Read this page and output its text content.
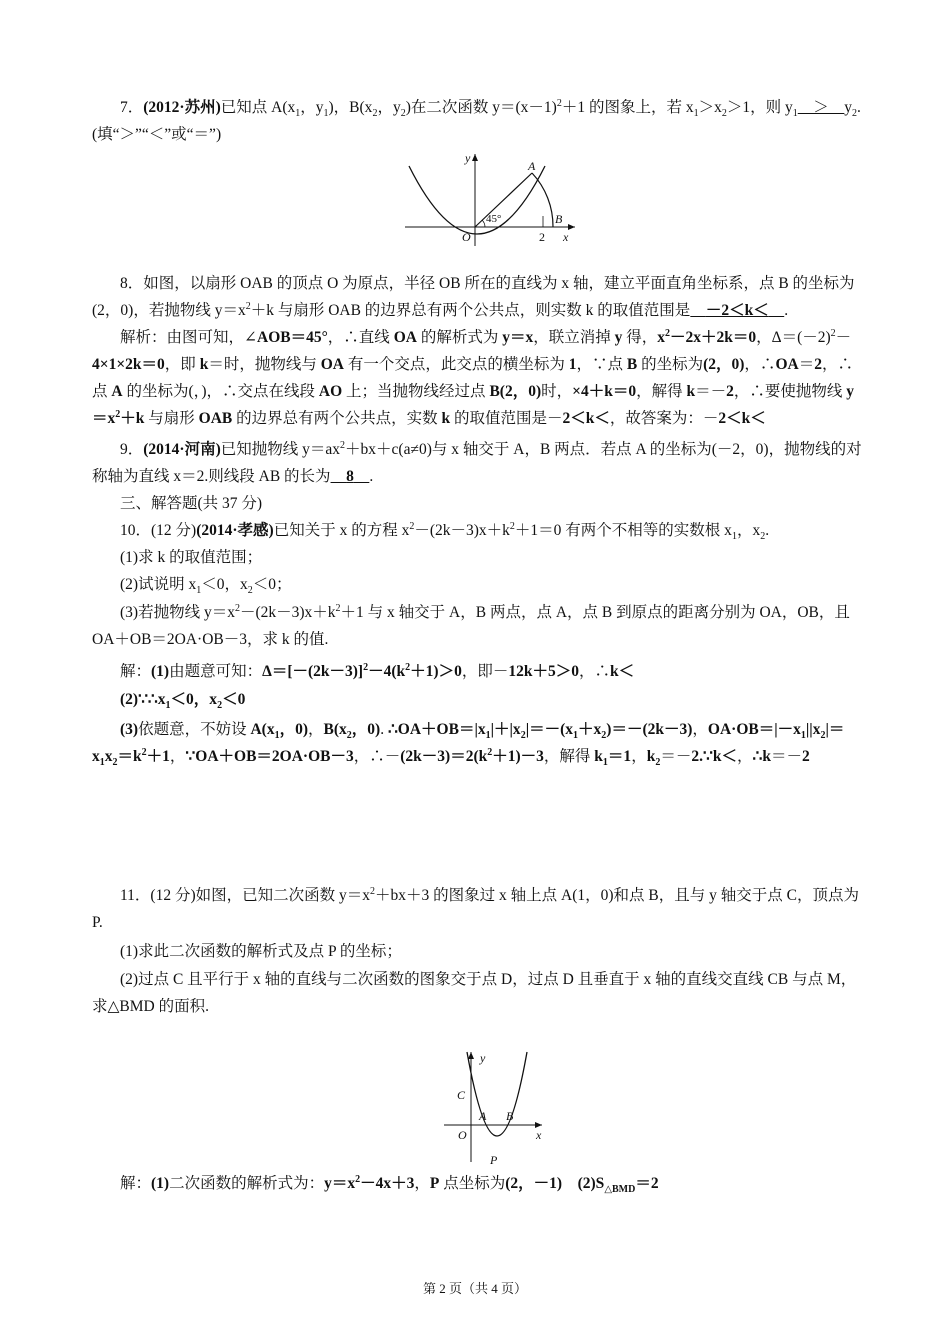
7．(2012·苏州)已知点 $A(x_1$，$y_1$)，$B(x_2$，$y_2$)在二次函数 $y=(x-1)^2+1$ 的图象上，若 $x_1>x_2>1$，则 $y_1$　＞　$y_2$.(填“＞”“＜”或“＝”)

y
A
45°
O
B
2 x

8．如图，以扇形 OAB 的顶点 O 为原点，半径 OB 所在的直线为 x 轴，建立平面直角坐标系，点 B 的坐标为(2，0)，若抛物线 $y=x^2+k$ 与扇形 OAB 的边界总有两个公共点，则实数 k 的取值范围是　 －2＜k＜　 .

解析：由图可知，∠AOB＝45°，∴直线 OA 的解析式为 y＝x，联立消掉 y 得，$x^2-2x+2k=0$，$\Delta=(-2)^2-4\times 1\times 2k=0$，即 k＝时，抛物线与 OA 有一个交点，此交点的横坐标为 1，∵点 B 的坐标为(2，0)，∴OA＝2，∴点 A 的坐标为(，)，∴交点在线段 AO 上；当抛物线经过点 B(2，0)时，×4＋k＝0，解得 k＝－2，∴要使抛物线 $y=x^2+k$ 与扇形 OAB 的边界总有两个公共点，实数 k 的取值范围是－2＜k＜，故答案为：－2＜k＜

9．(2014·河南)已知抛物线 $y=ax^2+bx+c(a\ne 0)$与 x 轴交于 A，B 两点．若点 A 的坐标为(－2，0)，抛物线的对称轴为直线 x＝2.则线段 AB 的长为　 8　 .

三、解答题(共 37 分)

10．(12 分)(2014·孝感)已知关于 x 的方程 $x^2-(2k-3)x+k^2+1=0$ 有两个不相等的实数根 $x_1$，$x_2$.

(1)求 k 的取值范围；

(2)试说明 $x_1<0$，$x_2<0$；

(3)若抛物线 $y=x^2-(2k-3)x+k^2+1$ 与 x 轴交于 A，B 两点，点 A，点 B 到原点的距离分别为 OA，OB，且 OA＋OB＝2OA·OB－3，求 k 的值.

解：(1)由题意可知：$\Delta=[-(2k-3)]^2-4(k^2+1)>0$，即－12k＋5＞0，∴k＜

$(2)\because\therefore x_1<0$，$x_2<0$

(3)依题意，不妨设 $A(x_1$，0)，$B(x_2$，0). $\therefore OA+OB=|x_1|+|x_2|=-(x_1+x_2)=-(2k-3)$，$OA\cdot OB=|-x_1||x_2|=x_1x_2=k^2+1$，∵OA＋OB＝2OA·OB－3，$\therefore-(2k-3)=2(k^2+1)-3$，解得 $k_1=1$，$k_2=-2.\because k<$，∴k＝－2

11．(12 分)如图，已知二次函数 $y=x^2+bx+3$ 的图象过 x 轴上点 A(1，0)和点 B，且与 y 轴交于点 C，顶点为 P.

(1)求此二次函数的解析式及点 P 的坐标；

(2)过点 C 且平行于 x 轴的直线与二次函数的图象交于点 D，过点 D 且垂直于 x 轴的直线交直线 CB 与点 M，求△BMD 的面积.

y
C
A B
O	x
P

解：(1)二次函数的解析式为：$y=x^2-4x+3$，P 点坐标为(2，－1)　 $(2)S_{\triangle BMD}=2$

第 2 页（共 4 页）
